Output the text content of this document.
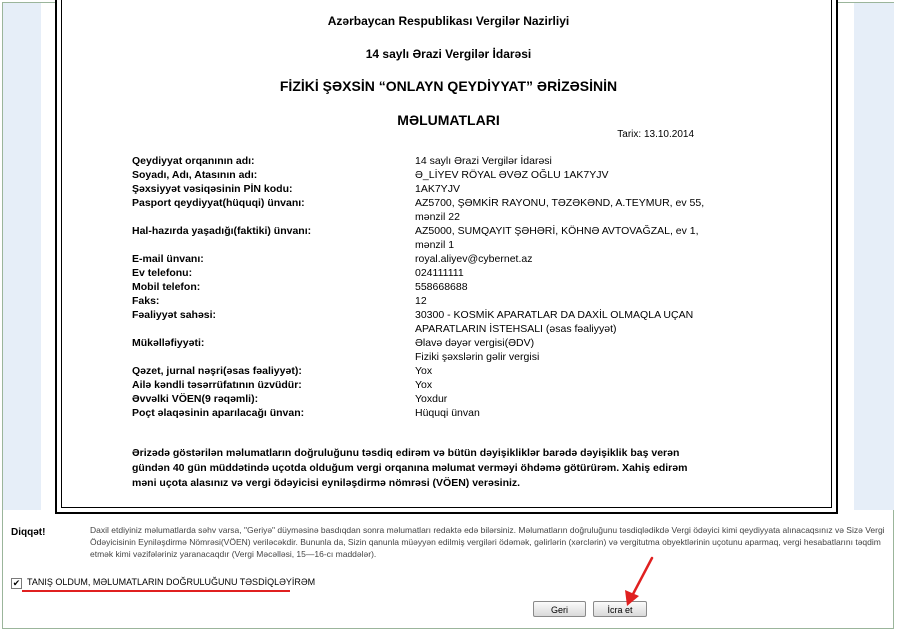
Azərbaycan Respublikası Vergilər Nazirliyi
14 saylı Ərazi Vergilər İdarəsi
FİZİKİ ŞƏXSİN “ONLAYN QEYDİYYAT” ƏRİZƏSİNİN
MƏLUMATLARI
Tarix: 13.10.2014
Qeydiyyat orqanının adı:	14 saylı Ərazi Vergilər İdarəsi
Soyadı, Adı, Atasının adı:	Ə_LİYEV RÖYAL ƏVƏZ OĞLU 1AK7YJV
Şəxsiyyət vəsiqəsinin PİN kodu:	1AK7YJV
Pasport qeydiyyat(hüquqi) ünvanı:	AZ5700, ŞƏMKİR RAYONU, TƏZƏKƏND, A.TEYMUR, ev 55, mənzil 22
Hal-hazırda yaşadığı(faktiki) ünvanı:	AZ5000, SUMQAYIT ŞƏHƏRİ, KÖHNƏ AVTOVAĞZAL, ev 1, mənzil 1
E-mail ünvanı:	royal.aliyev@cybernet.az
Ev telefonu:	024111111
Mobil telefon:	558668688
Faks:	12
Fəaliyyət sahəsi:	30300 - KOSMİK APARATLAR DA DAXİL OLMAQLA UÇAN APARATLARIN İSTEHSALI (əsas fəaliyyət)
Mükəlləfiyyəti:	Əlavə dəyər vergisi(ƏDV)
Fiziki şəxslərin gəlir vergisi
Qəzet, jurnal nəşri(əsas fəaliyyət):	Yox
Ailə kəndli təsərrüfatının üzvüdür:	Yox
Əvvəlki VÖEN(9 rəqəmli):	Yoxdur
Poçt əlaqəsinin aparılacağı ünvan:	Hüquqi ünvan
Ərizədə göstərilən məlumatların doğruluğunu təsdiq edirəm və bütün dəyişikliklər barədə dəyişiklik baş verən gündən 40 gün müddətində uçotda olduğum vergi orqanına məlumat verməyi öhdəmə götürürəm. Xahiş edirəm məni uçota alasınız və vergi ödəyicisi eyniləşdirmə nömrəsi (VÖEN) verəsiniz.
Diqqət!	Daxil etdiyiniz məlumatlarda səhv varsa, "Geriyə" düyməsinə basdıqdan sonra məlumatları redaktə edə bilərsiniz. Məlumatların doğruluğunu təsdiqlədikdə Vergi ödəyici kimi qeydiyyata alınacaqsınız və Sizə Vergi Ödəyicisinin Eyniləşdirmə Nömrəsi(VÖEN) veriləcəkdir. Bununla da, Sizin qanunla müəyyən edilmiş vergiləri ödəmək, gəlirlərin (xərclərin) və vergitutma obyektlərinin uçotunu aparmaq, vergi hesabatlarını təqdim etmək kimi vəzifələriniz yaranacaqdır (Vergi Məcəlləsi, 15—16-cı maddələr).
✔ TANIŞ OLDUM, MƏLUMATLARIN DOĞRULUĞUNU TƏSDİQLƏYİRƏM
Geri	İcra et
